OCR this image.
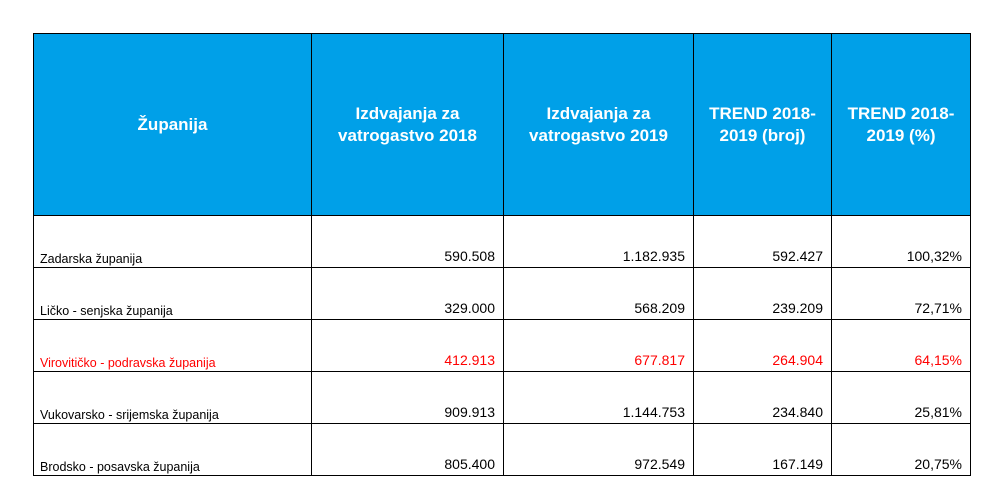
Županija	Izdvajanja za vatrogastvo 2018	Izdvajanja za vatrogastvo 2019	TREND 2018-2019 (broj)	TREND 2018-2019 (%)
Zadarska županija	590.508	1.182.935	592.427	100,32%
Ličko - senjska županija	329.000	568.209	239.209	72,71%
Virovitičko - podravska županija	412.913	677.817	264.904	64,15%
Vukovarsko - srijemska županija	909.913	1.144.753	234.840	25,81%
Brodsko - posavska županija	805.400	972.549	167.149	20,75%
